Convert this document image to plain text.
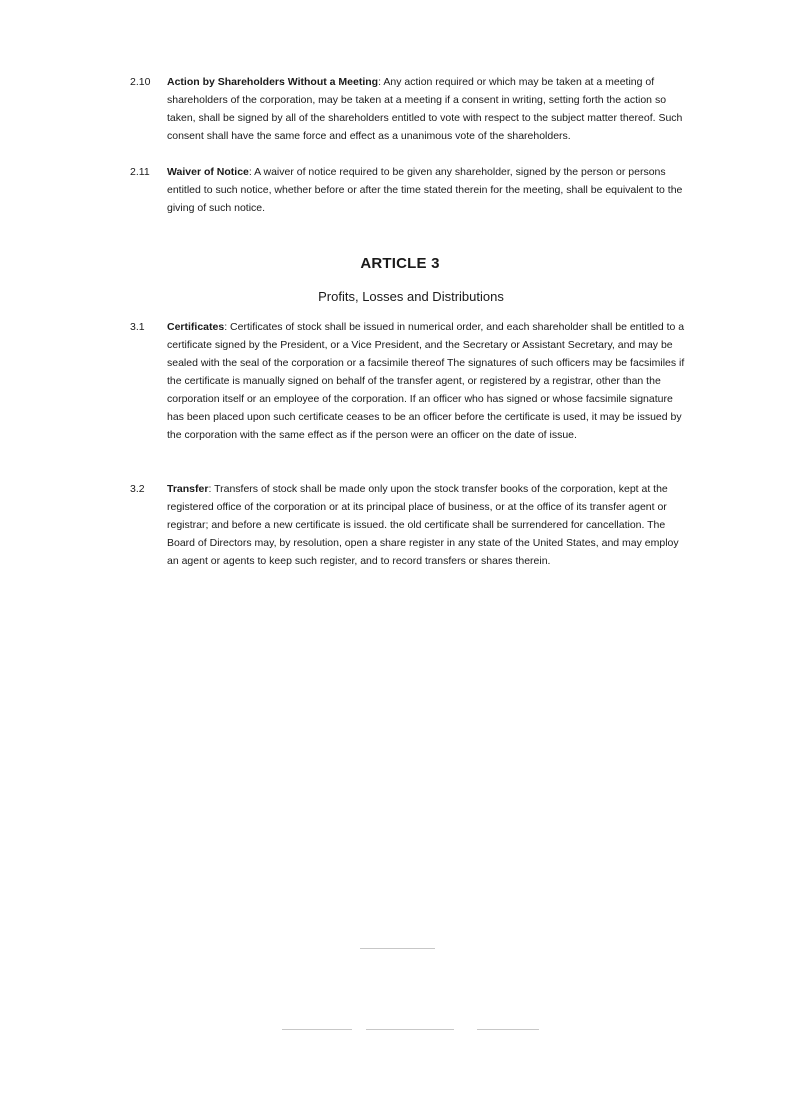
2.10 Action by Shareholders Without a Meeting: Any action required or which may be taken at a meeting of shareholders of the corporation, may be taken at a meeting if a consent in writing, setting forth the action so taken, shall be signed by all of the shareholders entitled to vote with respect to the subject matter thereof. Such consent shall have the same force and effect as a unanimous vote of the shareholders.
2.11 Waiver of Notice: A waiver of notice required to be given any shareholder, signed by the person or persons entitled to such notice, whether before or after the time stated therein for the meeting, shall be equivalent to the giving of such notice.
ARTICLE 3
Profits, Losses and Distributions
3.1 Certificates: Certificates of stock shall be issued in numerical order, and each shareholder shall be entitled to a certificate signed by the President, or a Vice President, and the Secretary or Assistant Secretary, and may be sealed with the seal of the corporation or a facsimile thereof The signatures of such officers may be facsimiles if the certificate is manually signed on behalf of the transfer agent, or registered by a registrar, other than the corporation itself or an employee of the corporation. If an officer who has signed or whose facsimile signature has been placed upon such certificate ceases to be an officer before the certificate is used, it may be issued by the corporation with the same effect as if the person were an officer on the date of issue.
3.2 Transfer: Transfers of stock shall be made only upon the stock transfer books of the corporation, kept at the registered office of the corporation or at its principal place of business, or at the office of its transfer agent or registrar; and before a new certificate is issued. the old certificate shall be surrendered for cancellation. The Board of Directors may, by resolution, open a share register in any state of the United States, and may employ an agent or agents to keep such register, and to record transfers or shares therein.
